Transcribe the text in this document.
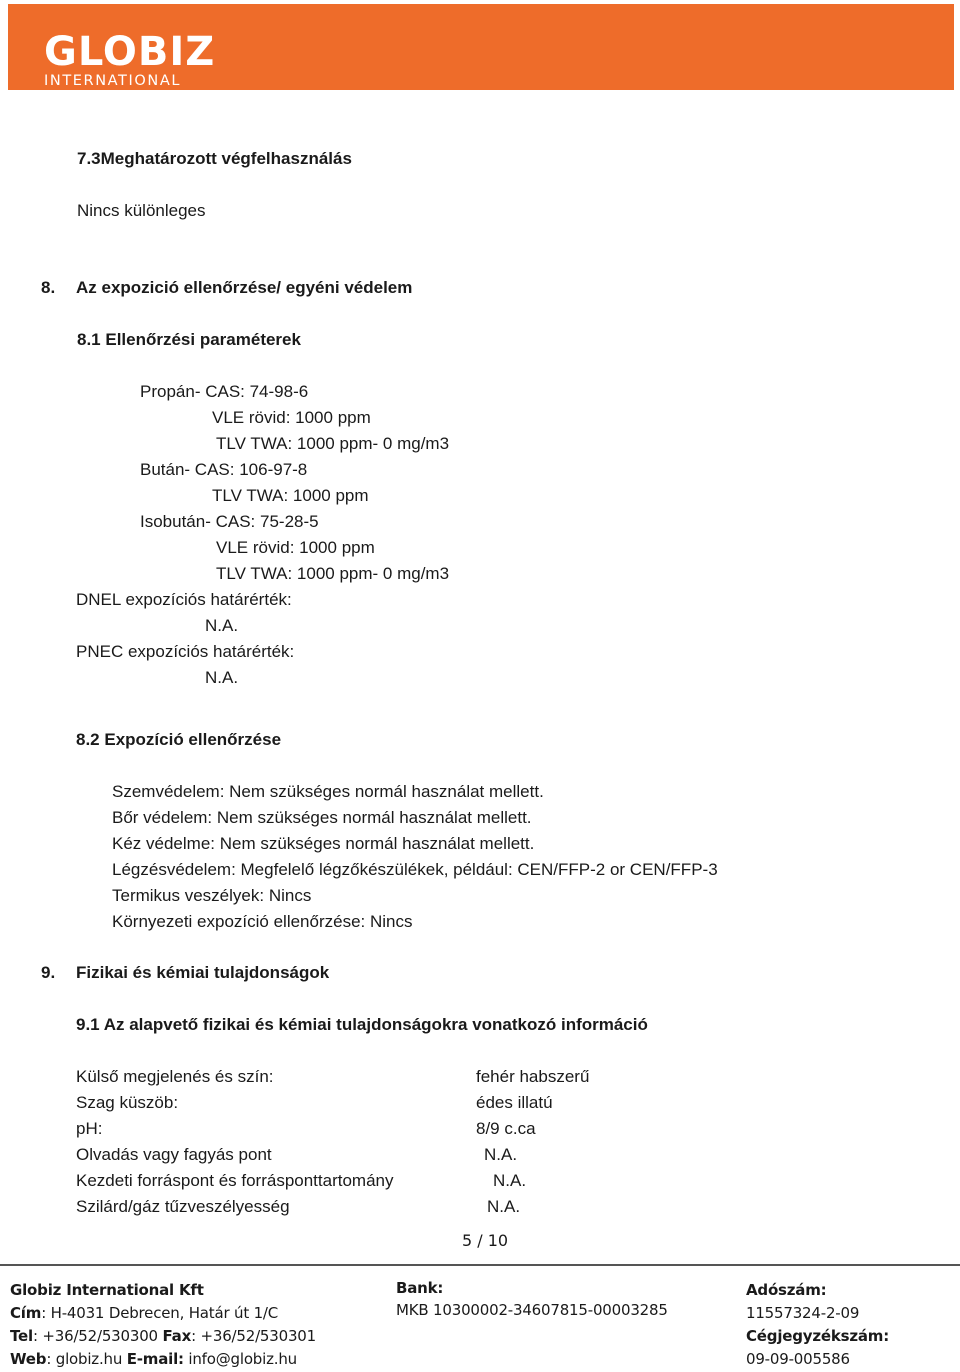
GLOBIZ
INTERNATIONAL
7.3Meghatározott végfelhasználás
Nincs különleges
8. Az expozició ellenőrzése/ egyéni védelem
8.1 Ellenőrzési paraméterek
Propán- CAS: 74-98-6
VLE rövid: 1000 ppm
TLV TWA: 1000 ppm- 0 mg/m3
Bután- CAS: 106-97-8
TLV TWA: 1000 ppm
Isobután- CAS: 75-28-5
VLE rövid: 1000 ppm
TLV TWA: 1000 ppm- 0 mg/m3
DNEL expozíciós határérték:
N.A.
PNEC expozíciós határérték:
N.A.
8.2 Expozíció ellenőrzése
Szemvédelem: Nem szükséges normál használat mellett.
Bőr védelem: Nem szükséges normál használat mellett.
Kéz védelme: Nem szükséges normál használat mellett.
Légzésvédelem: Megfelelő légzőkészülékek, például: CEN/FFP-2 or CEN/FFP-3
Termikus veszélyek: Nincs
Környezeti expozíció ellenőrzése: Nincs
9. Fizikai és kémiai tulajdonságok
9.1 Az alapvető fizikai és kémiai tulajdonságokra vonatkozó információ
Külső megjelenés és szín:	fehér habszerű
Szag küszöb:	édes illatú
pH:	8/9 c.ca
Olvadás vagy fagyás pont	N.A.
Kezdeti forráspont és forrásponttartomány	N.A.
Szilárd/gáz tűzveszélyesség	N.A.
5 / 10
Globiz International Kft
Cím: H-4031 Debrecen, Határ út 1/C
Tel: +36/52/530300 Fax: +36/52/530301
Web: globiz.hu E-mail: info@globiz.hu
Bank:
MKB 10300002-34607815-00003285
Adószám:
11557324-2-09
Cégjegyzékszám:
09-09-005586
